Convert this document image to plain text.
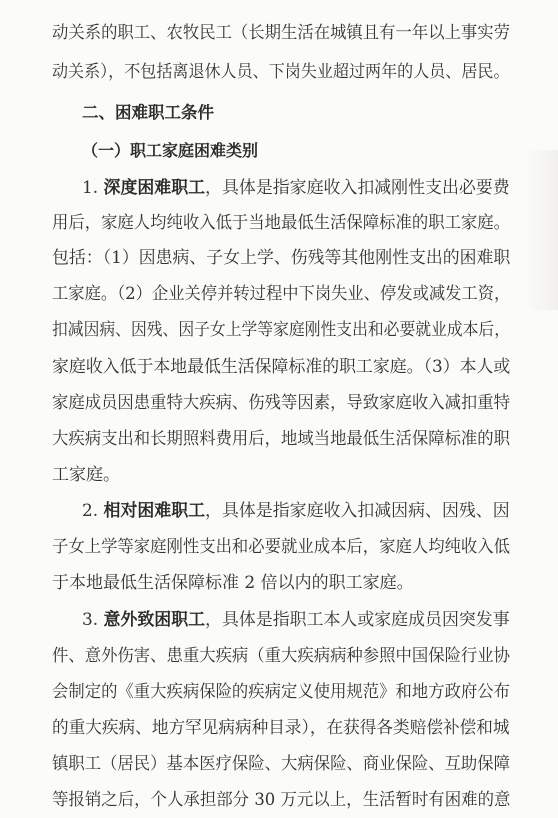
动关系的职工、农牧民工（长期生活在城镇且有一年以上事实劳
动关系），不包括离退休人员、下岗失业超过两年的人员、居民。
二、困难职工条件
（一）职工家庭困难类别
1. 深度困难职工，具体是指家庭收入扣减刚性支出必要费
用后，家庭人均纯收入低于当地最低生活保障标准的职工家庭。
包括：（1）因患病、子女上学、伤残等其他刚性支出的困难职
工家庭。（2）企业关停并转过程中下岗失业、停发或减发工资，
扣减因病、因残、因子女上学等家庭刚性支出和必要就业成本后，
家庭收入低于本地最低生活保障标准的职工家庭。（3）本人或
家庭成员因患重特大疾病、伤残等因素，导致家庭收入减扣重特
大疾病支出和长期照料费用后，地域当地最低生活保障标准的职
工家庭。
2. 相对困难职工，具体是指家庭收入扣减因病、因残、因
子女上学等家庭刚性支出和必要就业成本后，家庭人均纯收入低
于本地最低生活保障标准 2 倍以内的职工家庭。
3. 意外致困职工，具体是指职工本人或家庭成员因突发事
件、意外伤害、患重大疾病（重大疾病病种参照中国保险行业协
会制定的《重大疾病保险的疾病定义使用规范》和地方政府公布
的重大疾病、地方罕见病病种目录），在获得各类赔偿补偿和城
镇职工（居民）基本医疗保险、大病保险、商业保险、互助保障
等报销之后，个人承担部分 30 万元以上，生活暂时有困难的意
